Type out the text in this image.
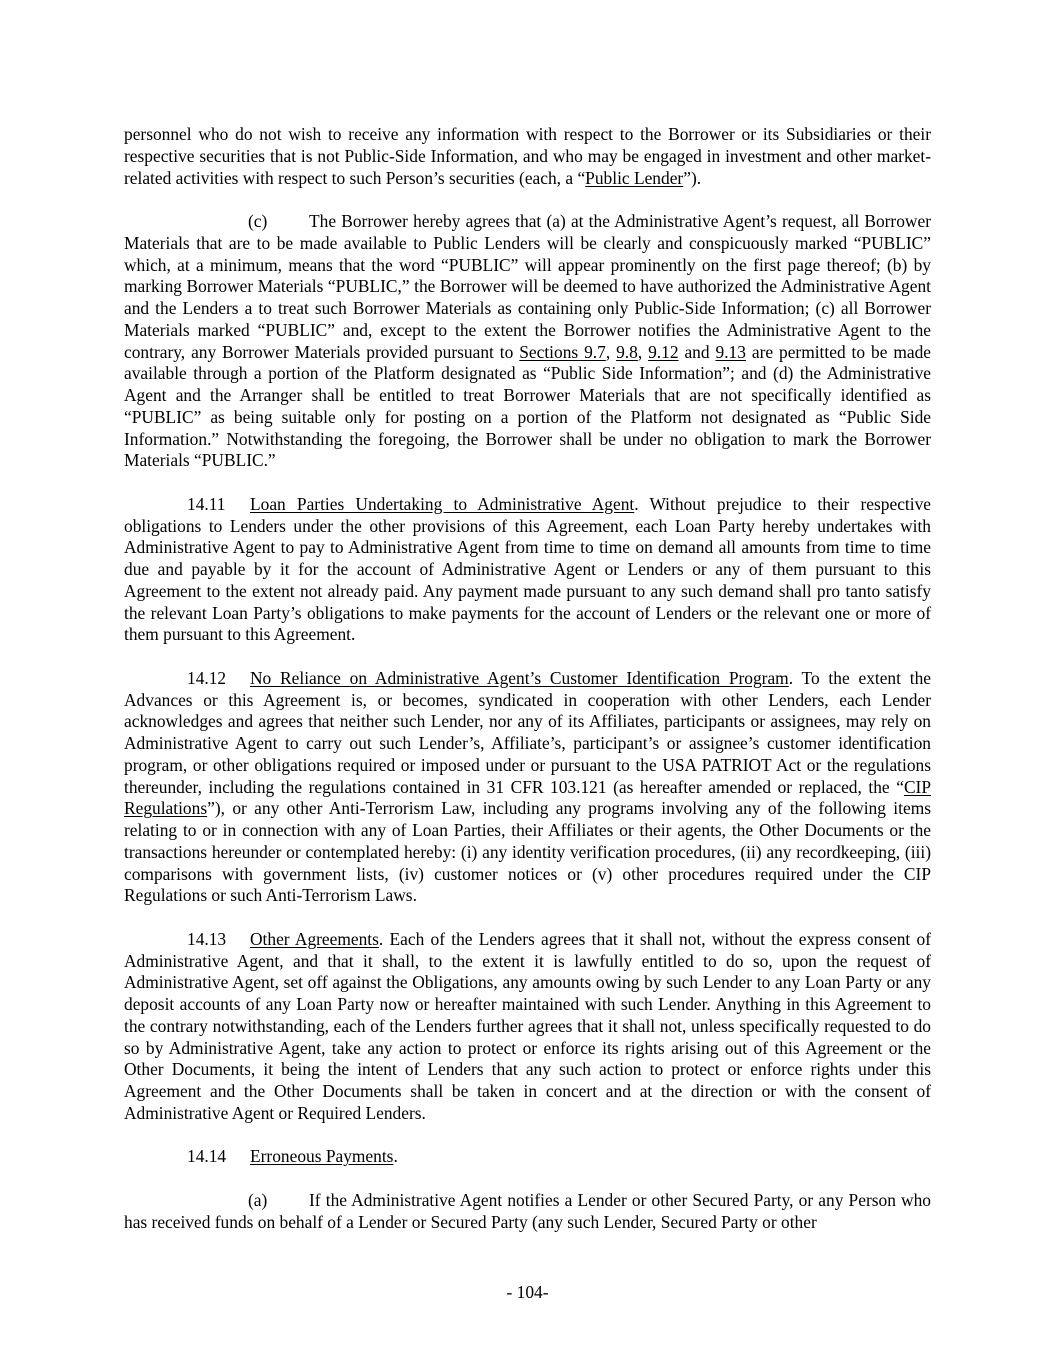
personnel who do not wish to receive any information with respect to the Borrower or its Subsidiaries or their respective securities that is not Public-Side Information, and who may be engaged in investment and other market-related activities with respect to such Person’s securities (each, a “Public Lender”).

(c) The Borrower hereby agrees that (a) at the Administrative Agent’s request, all Borrower Materials that are to be made available to Public Lenders will be clearly and conspicuously marked “PUBLIC” which, at a minimum, means that the word “PUBLIC” will appear prominently on the first page thereof; (b) by marking Borrower Materials “PUBLIC,” the Borrower will be deemed to have authorized the Administrative Agent and the Lenders a to treat such Borrower Materials as containing only Public-Side Information; (c) all Borrower Materials marked “PUBLIC” and, except to the extent the Borrower notifies the Administrative Agent to the contrary, any Borrower Materials provided pursuant to Sections 9.7, 9.8, 9.12 and 9.13 are permitted to be made available through a portion of the Platform designated as “Public Side Information”; and (d) the Administrative Agent and the Arranger shall be entitled to treat Borrower Materials that are not specifically identified as “PUBLIC” as being suitable only for posting on a portion of the Platform not designated as “Public Side Information.” Notwithstanding the foregoing, the Borrower shall be under no obligation to mark the Borrower Materials “PUBLIC.”

14.11 Loan Parties Undertaking to Administrative Agent. Without prejudice to their respective obligations to Lenders under the other provisions of this Agreement, each Loan Party hereby undertakes with Administrative Agent to pay to Administrative Agent from time to time on demand all amounts from time to time due and payable by it for the account of Administrative Agent or Lenders or any of them pursuant to this Agreement to the extent not already paid. Any payment made pursuant to any such demand shall pro tanto satisfy the relevant Loan Party’s obligations to make payments for the account of Lenders or the relevant one or more of them pursuant to this Agreement.

14.12 No Reliance on Administrative Agent’s Customer Identification Program. To the extent the Advances or this Agreement is, or becomes, syndicated in cooperation with other Lenders, each Lender acknowledges and agrees that neither such Lender, nor any of its Affiliates, participants or assignees, may rely on Administrative Agent to carry out such Lender’s, Affiliate’s, participant’s or assignee’s customer identification program, or other obligations required or imposed under or pursuant to the USA PATRIOT Act or the regulations thereunder, including the regulations contained in 31 CFR 103.121 (as hereafter amended or replaced, the “CIP Regulations”), or any other Anti-Terrorism Law, including any programs involving any of the following items relating to or in connection with any of Loan Parties, their Affiliates or their agents, the Other Documents or the transactions hereunder or contemplated hereby: (i) any identity verification procedures, (ii) any recordkeeping, (iii) comparisons with government lists, (iv) customer notices or (v) other procedures required under the CIP Regulations or such Anti-Terrorism Laws.

14.13 Other Agreements. Each of the Lenders agrees that it shall not, without the express consent of Administrative Agent, and that it shall, to the extent it is lawfully entitled to do so, upon the request of Administrative Agent, set off against the Obligations, any amounts owing by such Lender to any Loan Party or any deposit accounts of any Loan Party now or hereafter maintained with such Lender. Anything in this Agreement to the contrary notwithstanding, each of the Lenders further agrees that it shall not, unless specifically requested to do so by Administrative Agent, take any action to protect or enforce its rights arising out of this Agreement or the Other Documents, it being the intent of Lenders that any such action to protect or enforce rights under this Agreement and the Other Documents shall be taken in concert and at the direction or with the consent of Administrative Agent or Required Lenders.

14.14 Erroneous Payments.

(a) If the Administrative Agent notifies a Lender or other Secured Party, or any Person who has received funds on behalf of a Lender or Secured Party (any such Lender, Secured Party or other

- 104-
